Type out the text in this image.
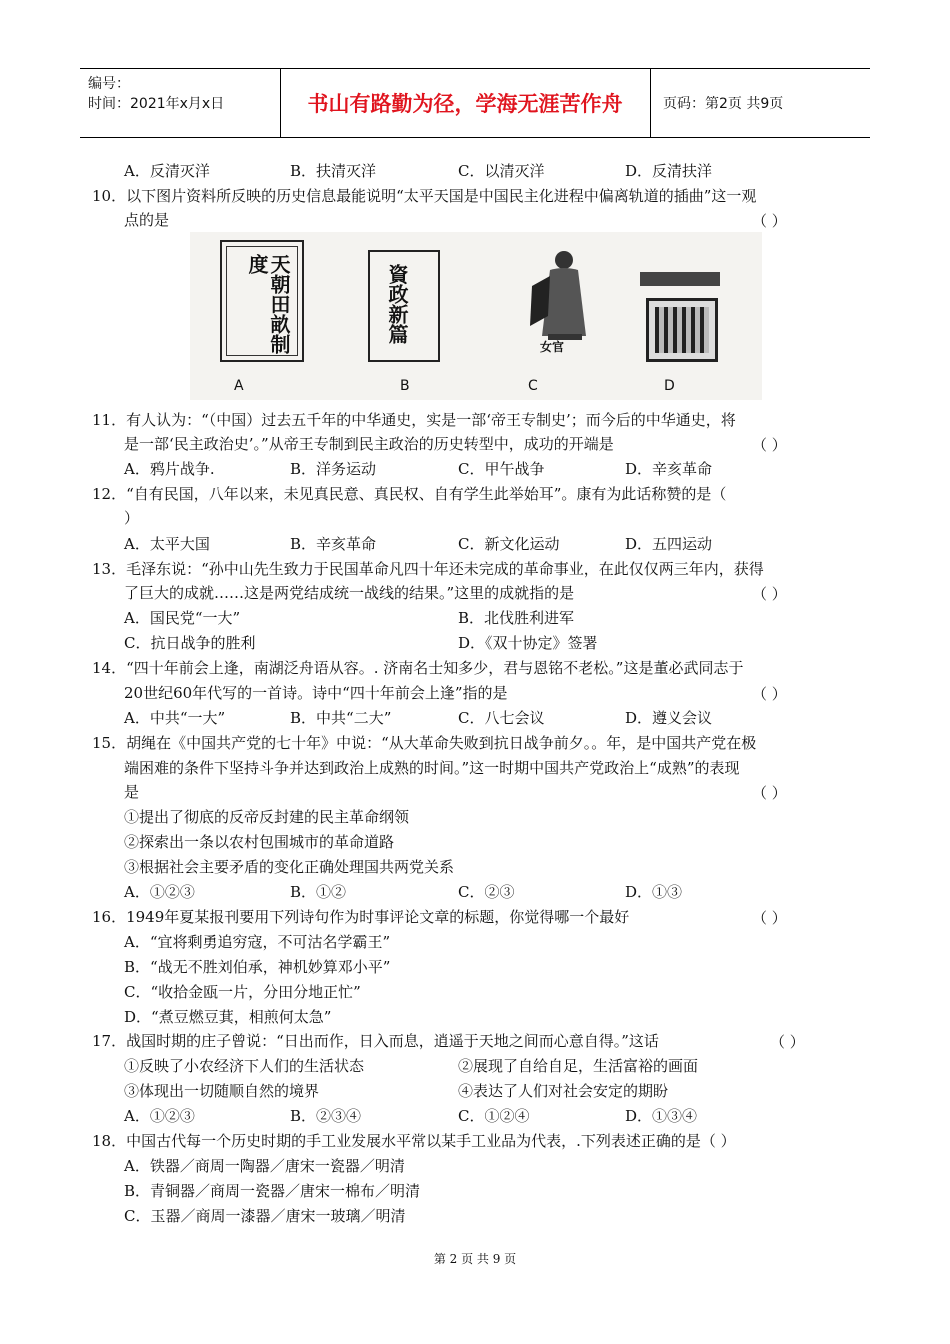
编号：
时间：2021年x月x日	书山有路勤为径，学海无涯苦作舟	页码：第2页 共9页
A．反清灭洋	B．扶清灭洋	C．以清灭洋	D．反清扶洋
10．以下图片资料所反映的历史信息最能说明“太平天国是中国民主化进程中偏离轨道的插曲”这一观
点的是	（ ）
天朝田畝制度	資政新篇
女官
A	B	C	D
11．有人认为：“（中国）过去五千年的中华通史，实是一部‘帝王专制史’；而今后的中华通史，将
是一部‘民主政治史’。”从帝王专制到民主政治的历史转型中，成功的开端是	（ ）
A．鸦片战争.	B．洋务运动	C．甲午战争	D．辛亥革命
12．“自有民国，八年以来，未见真民意、真民权、自有学生此举始耳”。康有为此话称赞的是（
）
A．太平大国	B．辛亥革命	C．新文化运动	D．五四运动
13．毛泽东说：“孙中山先生致力于民国革命凡四十年还未完成的革命事业，在此仅仅两三年内，获得
了巨大的成就……这是两党结成统一战线的结果。”这里的成就指的是	（ ）
A．国民党“一大”	B．北伐胜利进军
C．抗日战争的胜利	D．《双十协定》签署
14．“四十年前会上逢，南湖泛舟语从容。. 济南名士知多少，君与恩铭不老松。”这是董必武同志于
20世纪60年代写的一首诗。诗中“四十年前会上逢”指的是	（ ）
A．中共“一大”	B．中共“二大”	C．八七会议	D．遵义会议
15．胡绳在《中国共产党的七十年》中说：“从大革命失败到抗日战争前夕。。年，是中国共产党在极
端困难的条件下坚持斗争并达到政治上成熟的时间。”这一时期中国共产党政治上“成熟”的表现
是	（ ）
①提出了彻底的反帝反封建的民主革命纲领
②探索出一条以农村包围城市的革命道路
③根据社会主要矛盾的变化正确处理国共两党关系
A．①②③	B．①②	C．②③	D．①③
16．1949年夏某报刊要用下列诗句作为时事评论文章的标题，你觉得哪一个最好	（ ）
A．“宜将剩勇追穷寇，不可沽名学霸王”
B．“战无不胜刘伯承，神机妙算邓小平”
C．“收拾金瓯一片，分田分地正忙”
D．“煮豆燃豆萁，相煎何太急”
17．战国时期的庄子曾说：“日出而作，日入而息，逍遥于天地之间而心意自得。”这话	（ ）
①反映了小农经济下人们的生活状态	②展现了自给自足，生活富裕的画面
③体现出一切随顺自然的境界	④表达了人们对社会安定的期盼
A．①②③	B．②③④	C．①②④	D．①③④
18．中国古代每一个历史时期的手工业发展水平常以某手工业品为代表，.下列表述正确的是（ ）
A．铁器／商周一陶器／唐宋一瓷器／明清
B．青铜器／商周一瓷器／唐宋一棉布／明清
C．玉器／商周一漆器／唐宋一玻璃／明清
第 2 页 共 9 页
